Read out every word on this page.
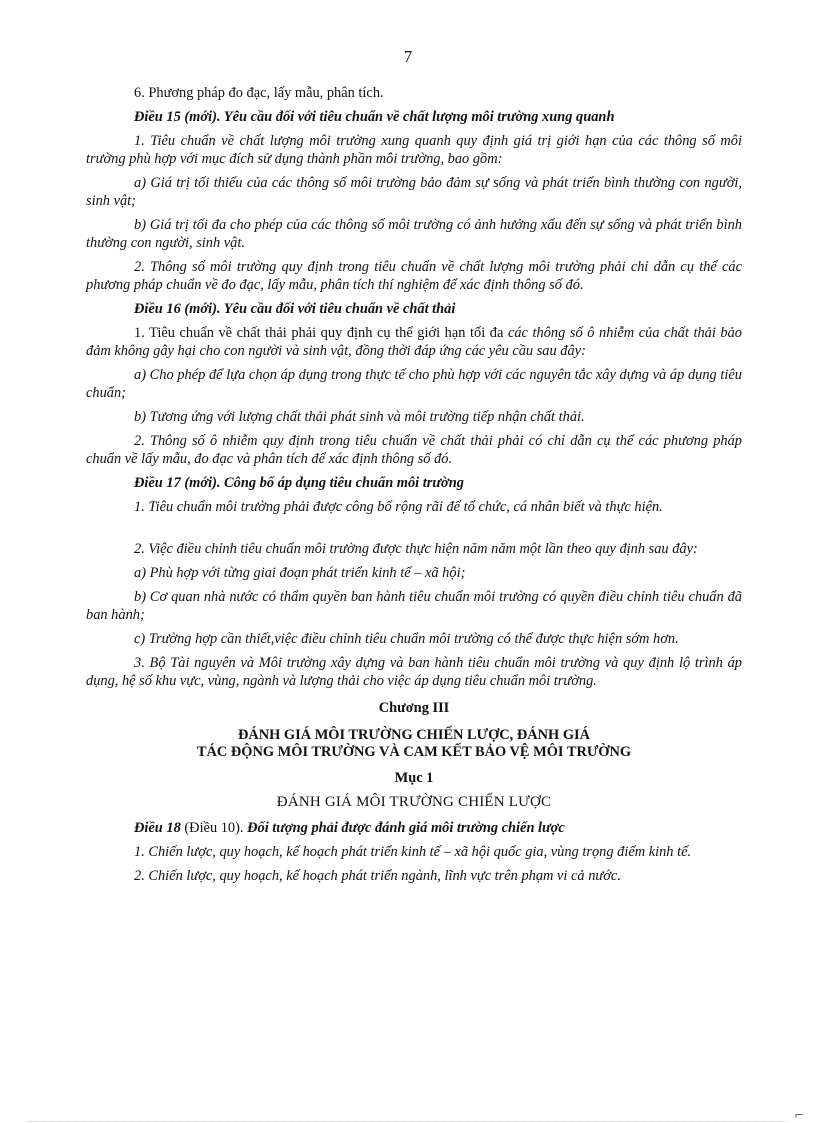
7

6. Phương pháp đo đạc, lấy mẫu, phân tích.

Điều 15 (mới). Yêu cầu đối với tiêu chuẩn về chất lượng môi trường xung quanh

1. Tiêu chuẩn về chất lượng môi trường xung quanh quy định giá trị giới hạn của các thông số môi trường phù hợp với mục đích sử dụng thành phần môi trường, bao gồm:

a) Giá trị tối thiểu của các thông số môi trường bảo đảm sự sống và phát triển bình thường con người, sinh vật;

b) Giá trị tối đa cho phép của các thông số môi trường có ảnh hưởng xấu đến sự sống và phát triển bình thường con người, sinh vật.

2. Thông số môi trường quy định trong tiêu chuẩn về chất lượng môi trường phải chỉ dẫn cụ thể các phương pháp chuẩn về đo đạc, lấy mẫu, phân tích thí nghiệm để xác định thông số đó.

Điều 16 (mới). Yêu cầu đối với tiêu chuẩn về chất thải

1. Tiêu chuẩn về chất thải phải quy định cụ thể giới hạn tối đa các thông số ô nhiễm của chất thải bảo đảm không gây hại cho con người và sinh vật, đồng thời đáp ứng các yêu cầu sau đây:

a) Cho phép để lựa chọn áp dụng trong thực tế cho phù hợp với các nguyên tắc xây dựng và áp dụng tiêu chuẩn;

b) Tương ứng với lượng chất thải phát sinh và môi trường tiếp nhận chất thải.

2. Thông số ô nhiễm quy định trong tiêu chuẩn về chất thải phải có chỉ dẫn cụ thể các phương pháp chuẩn về lấy mẫu, đo đạc và phân tích để xác định thông số đó.

Điều 17 (mới). Công bố áp dụng tiêu chuẩn môi trường

1. Tiêu chuẩn môi trường phải được công bố rộng rãi để tổ chức, cá nhân biết và thực hiện.

2. Việc điều chỉnh tiêu chuẩn môi trường được thực hiện năm năm một lần theo quy định sau đây:

a) Phù hợp với từng giai đoạn phát triển kinh tế – xã hội;

b) Cơ quan nhà nước có thẩm quyền ban hành tiêu chuẩn môi trường có quyền điều chỉnh tiêu chuẩn đã ban hành;

c) Trường hợp cần thiết,việc điều chỉnh tiêu chuẩn môi trường có thể được thực hiện sớm hơn.

3. Bộ Tài nguyên và Môi trường xây dựng và ban hành tiêu chuẩn môi trường và quy định lộ trình áp dụng, hệ số khu vực, vùng, ngành và lượng thải cho việc áp dụng tiêu chuẩn môi trường.

Chương III
ĐÁNH GIÁ MÔI TRƯỜNG CHIẾN LƯỢC, ĐÁNH GIÁ
TÁC ĐỘNG MÔI TRƯỜNG VÀ CAM KẾT BẢO VỆ MÔI TRƯỜNG
Mục 1
ĐÁNH GIÁ MÔI TRƯỜNG CHIẾN LƯỢC

Điều 18 (Điều 10). Đối tượng phải được đánh giá môi trường chiến lược

1. Chiến lược, quy hoạch, kế hoạch phát triển kinh tế – xã hội quốc gia, vùng trọng điểm kinh tế.

2. Chiến lược, quy hoạch, kế hoạch phát triển ngành, lĩnh vực trên phạm vi cả nước.

⌐
